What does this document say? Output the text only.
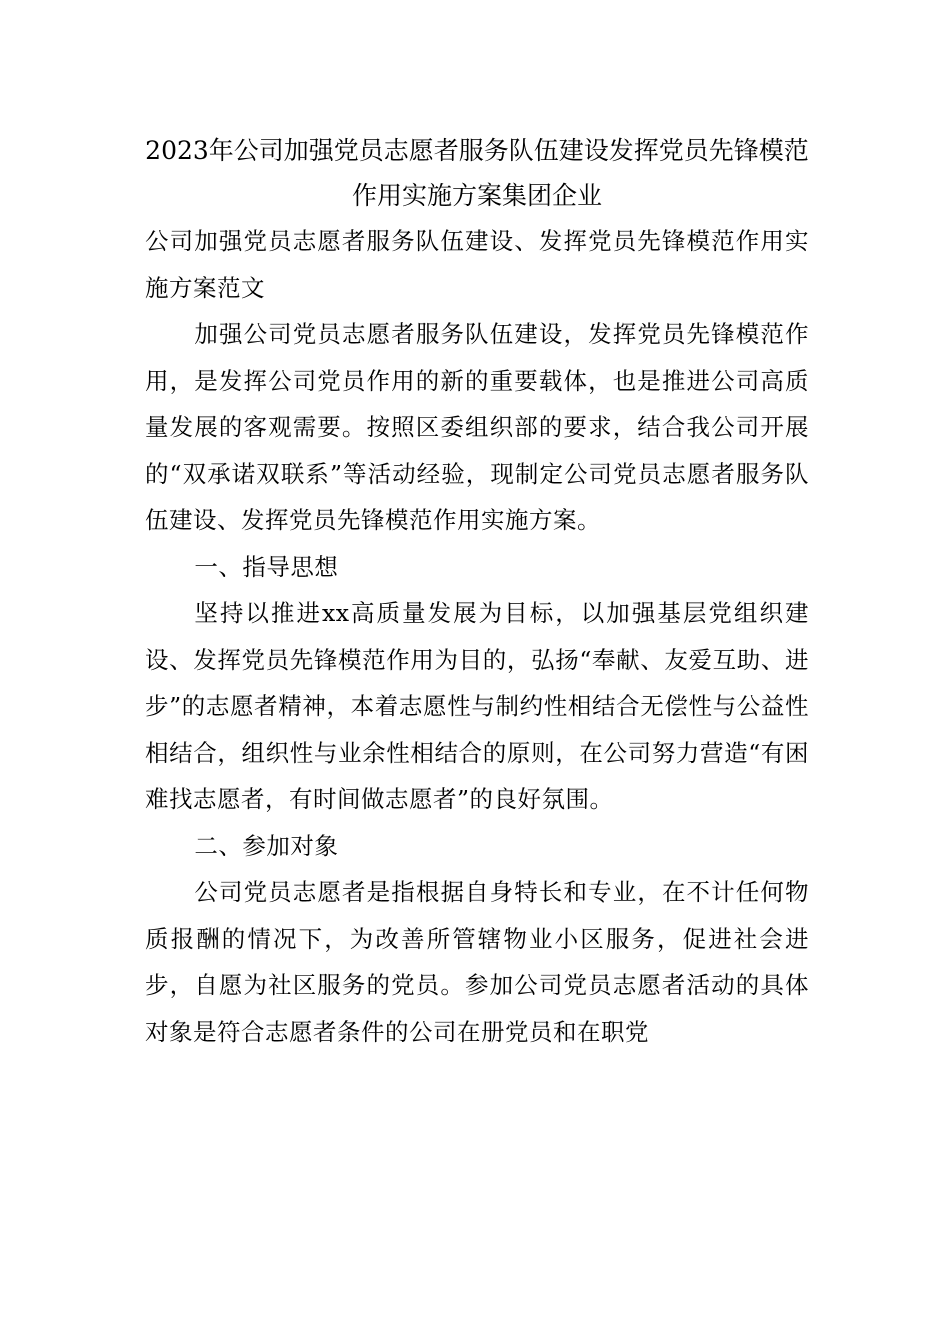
2023年公司加强党员志愿者服务队伍建设发挥党员先锋模范作用实施方案集团企业

公司加强党员志愿者服务队伍建设、发挥党员先锋模范作用实施方案范文

加强公司党员志愿者服务队伍建设，发挥党员先锋模范作用，是发挥公司党员作用的新的重要载体，也是推进公司高质量发展的客观需要。按照区委组织部的要求，结合我公司开展的“双承诺双联系”等活动经验，现制定公司党员志愿者服务队伍建设、发挥党员先锋模范作用实施方案。

一、指导思想

坚持以推进xx高质量发展为目标，以加强基层党组织建设、发挥党员先锋模范作用为目的，弘扬“奉献、友爱互助、进步”的志愿者精神，本着志愿性与制约性相结合无偿性与公益性相结合，组织性与业余性相结合的原则，在公司努力营造“有困难找志愿者，有时间做志愿者”的良好氛围。

二、参加对象

公司党员志愿者是指根据自身特长和专业，在不计任何物质报酬的情况下，为改善所管辖物业小区服务，促进社会进步，自愿为社区服务的党员。参加公司党员志愿者活动的具体对象是符合志愿者条件的公司在册党员和在职党
